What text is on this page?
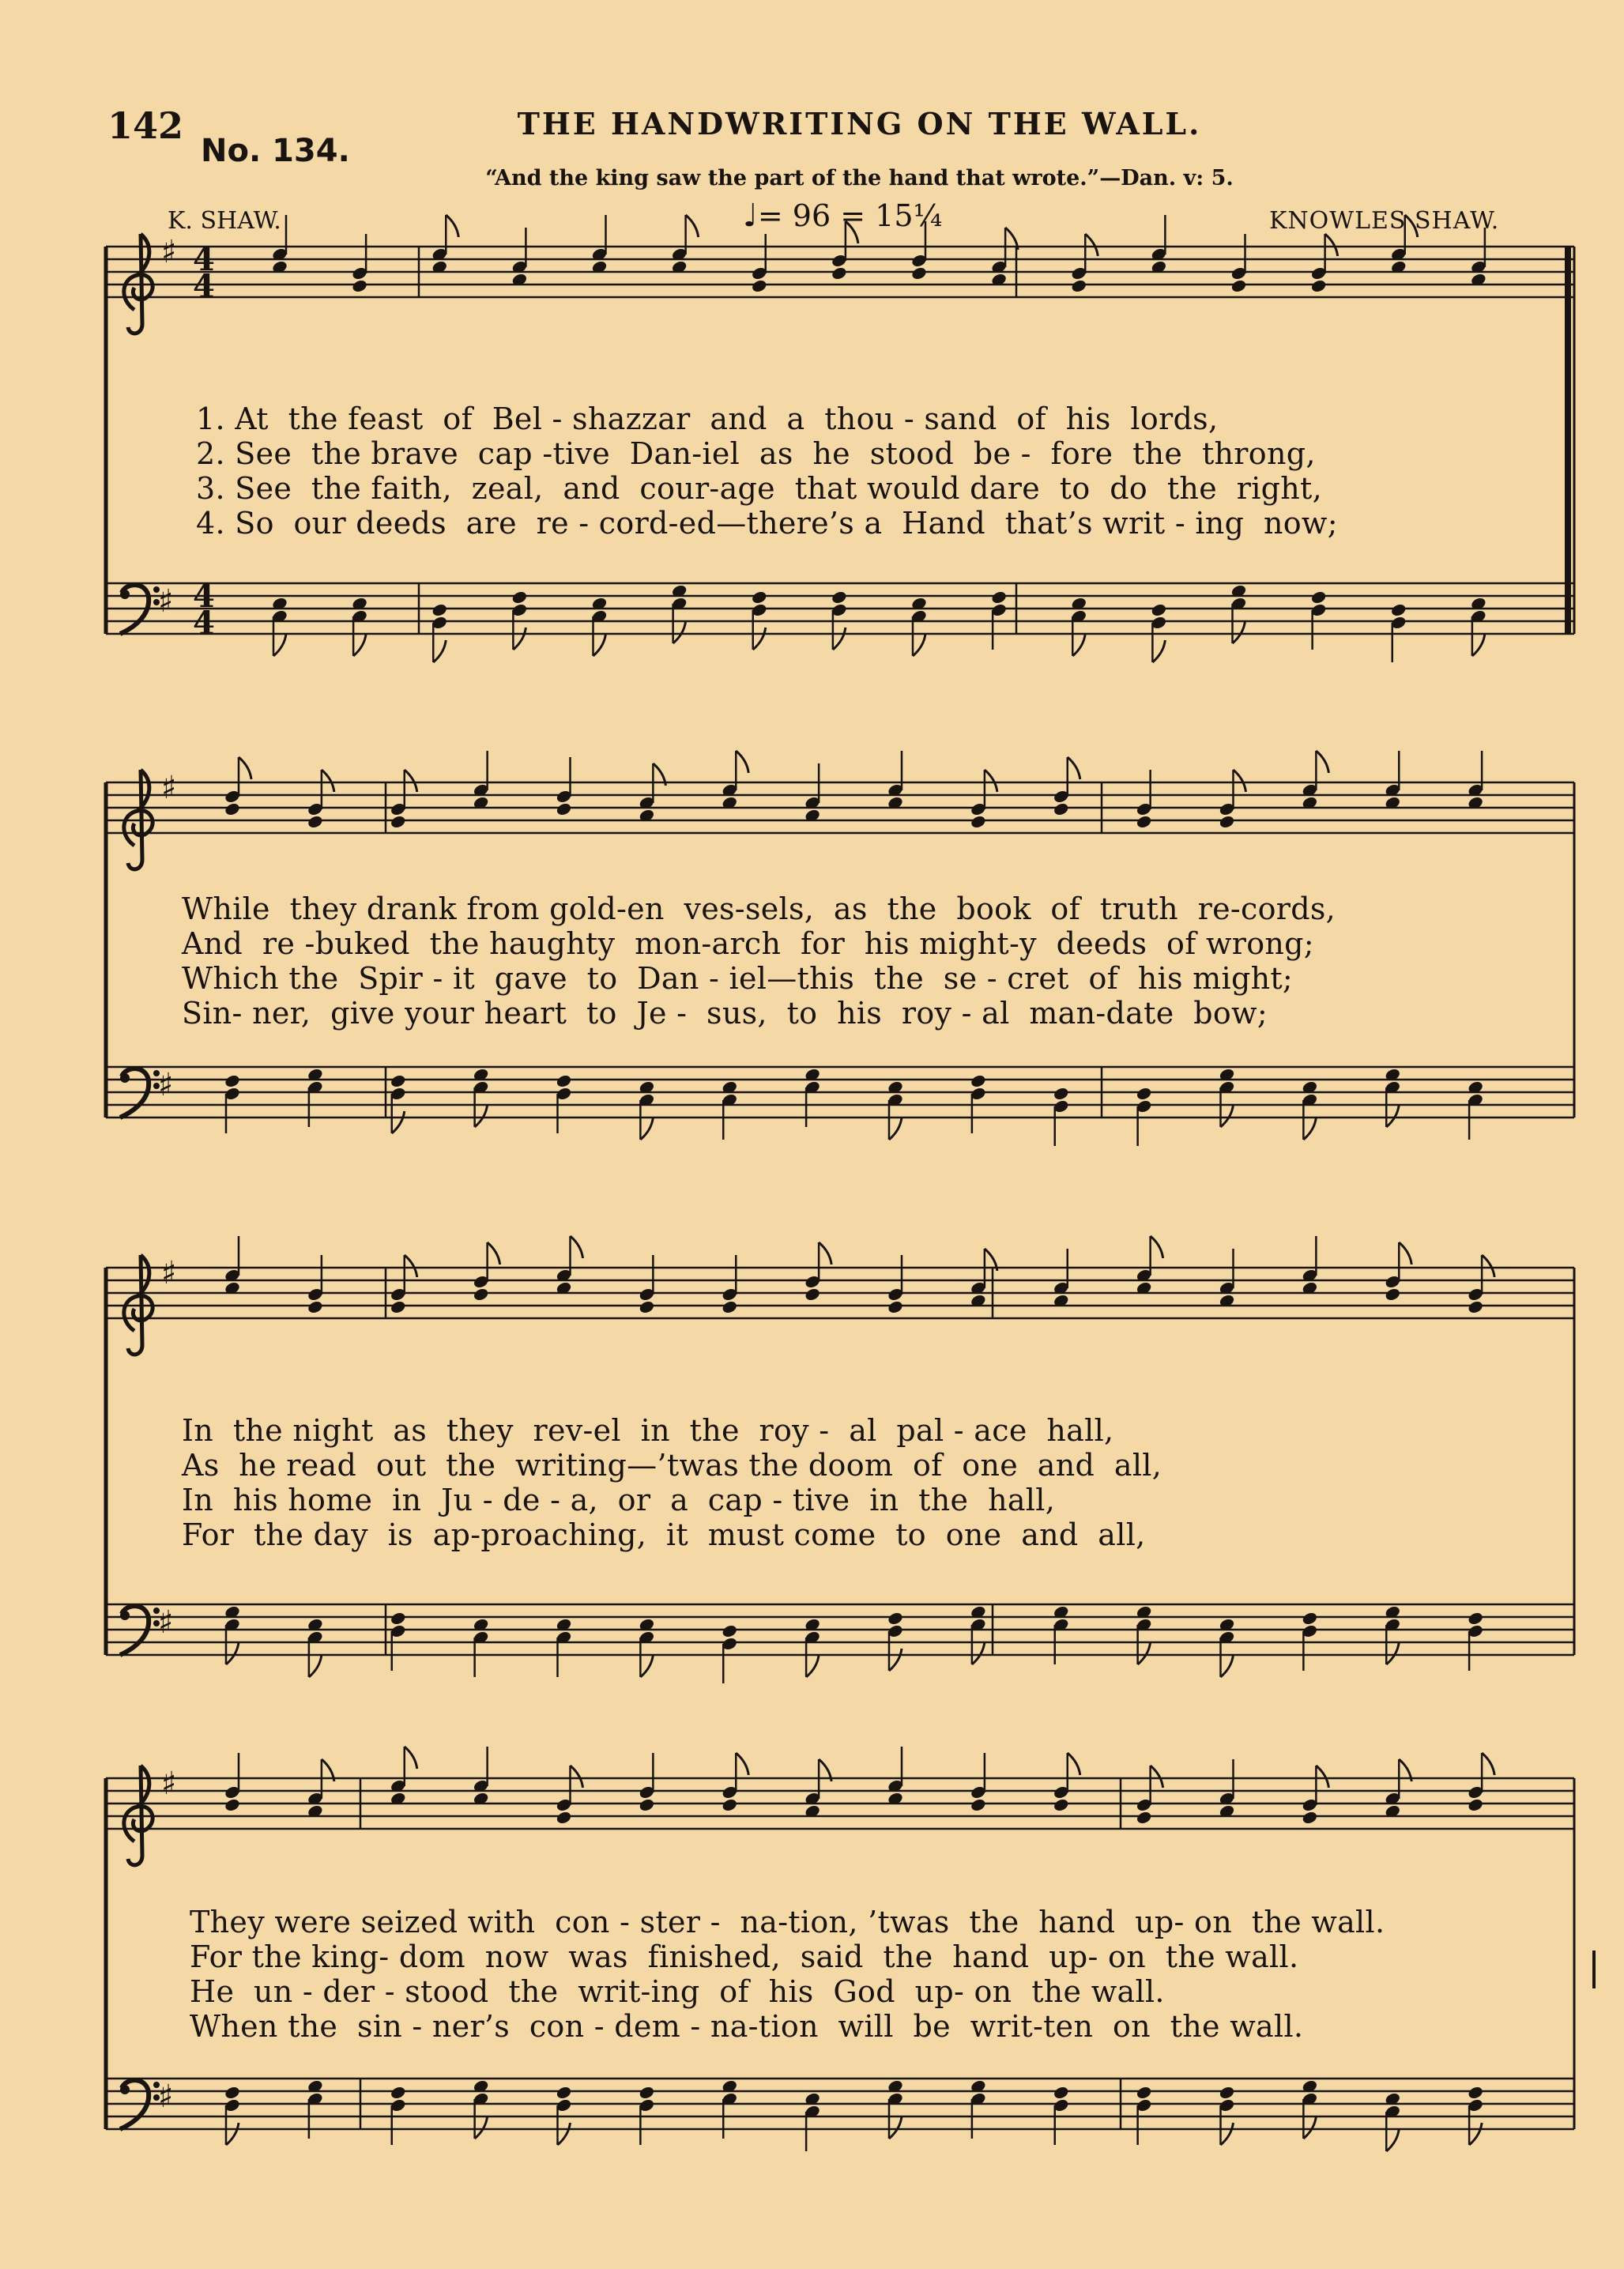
142
No. 134.
THE HANDWRITING ON THE WALL.
“And the king saw the part of the hand that wrote.”—Dan. v: 5.
K. SHAW.	♩= 96 = 15¼	KNOWLES SHAW.
♯
♯
4
4
4
4
♯
♯
♯
♯
♯
♯
1. At  the feast  of  Bel - shazzar  and  a  thou - sand  of  his  lords,
2. See  the brave  cap -tive  Dan-iel  as  he  stood  be -  fore  the  throng,
3. See  the faith,  zeal,  and  cour-age  that would dare  to  do  the  right,
4. So  our deeds  are  re - cord-ed—there’s a  Hand  that’s writ - ing  now;
While  they drank from gold-en  ves-sels,  as  the  book  of  truth  re-cords,
And  re -buked  the haughty  mon-arch  for  his might-y  deeds  of wrong;
Which the  Spir - it  gave  to  Dan - iel—this  the  se - cret  of  his might;
Sin- ner,  give your heart  to  Je -  sus,  to  his  roy - al  man-date  bow;
In  the night  as  they  rev-el  in  the  roy -  al  pal - ace  hall,
As  he read  out  the  writing—’twas the doom  of  one  and  all,
In  his home  in  Ju - de - a,  or  a  cap - tive  in  the  hall,
For  the day  is  ap-proaching,  it  must come  to  one  and  all,
They were seized with  con - ster -  na-tion, ’twas  the  hand  up- on  the wall.
For the king- dom  now  was  finished,  said  the  hand  up- on  the wall.
He  un - der - stood  the  writ-ing  of  his  God  up- on  the wall.
When the  sin - ner’s  con - dem - na-tion  will  be  writ-ten  on  the wall.
